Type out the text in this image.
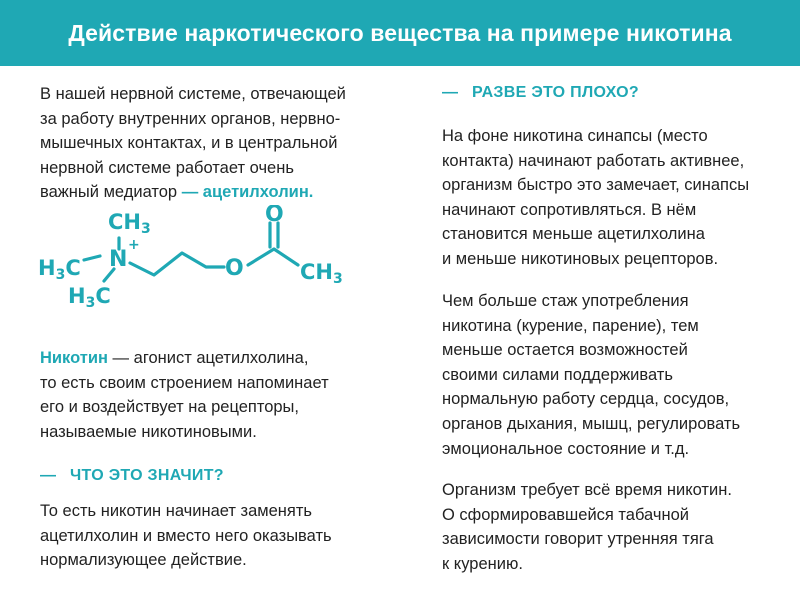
Действие наркотического вещества на примере никотина
В нашей нервной системе, отвечающей
за работу внутренних органов, нервно-
мышечных контактах, и в центральной
нервной системе работает очень
важный медиатор — ацетилхолин.
CH3
+
N
H3C
H3C
O
O
CH3
Никотин — агонист ацетилхолина,
то есть своим строением напоминает
его и воздействует на рецепторы,
называемые никотиновыми.
— ЧТО ЭТО ЗНАЧИТ?
То есть никотин начинает заменять
ацетилхолин и вместо него оказывать
нормализующее действие.
— РАЗВЕ ЭТО ПЛОХО?
На фоне никотина синапсы (место
контакта) начинают работать активнее,
организм быстро это замечает, синапсы
начинают сопротивляться. В нём
становится меньше ацетилхолина
и меньше никотиновых рецепторов.
Чем больше стаж употребления
никотина (курение, парение), тем
меньше остается возможностей
своими силами поддерживать
нормальную работу сердца, сосудов,
органов дыхания, мышц, регулировать
эмоциональное состояние и т.д.
Организм требует всё время никотин.
О сформировавшейся табачной
зависимости говорит утренняя тяга
к курению.
